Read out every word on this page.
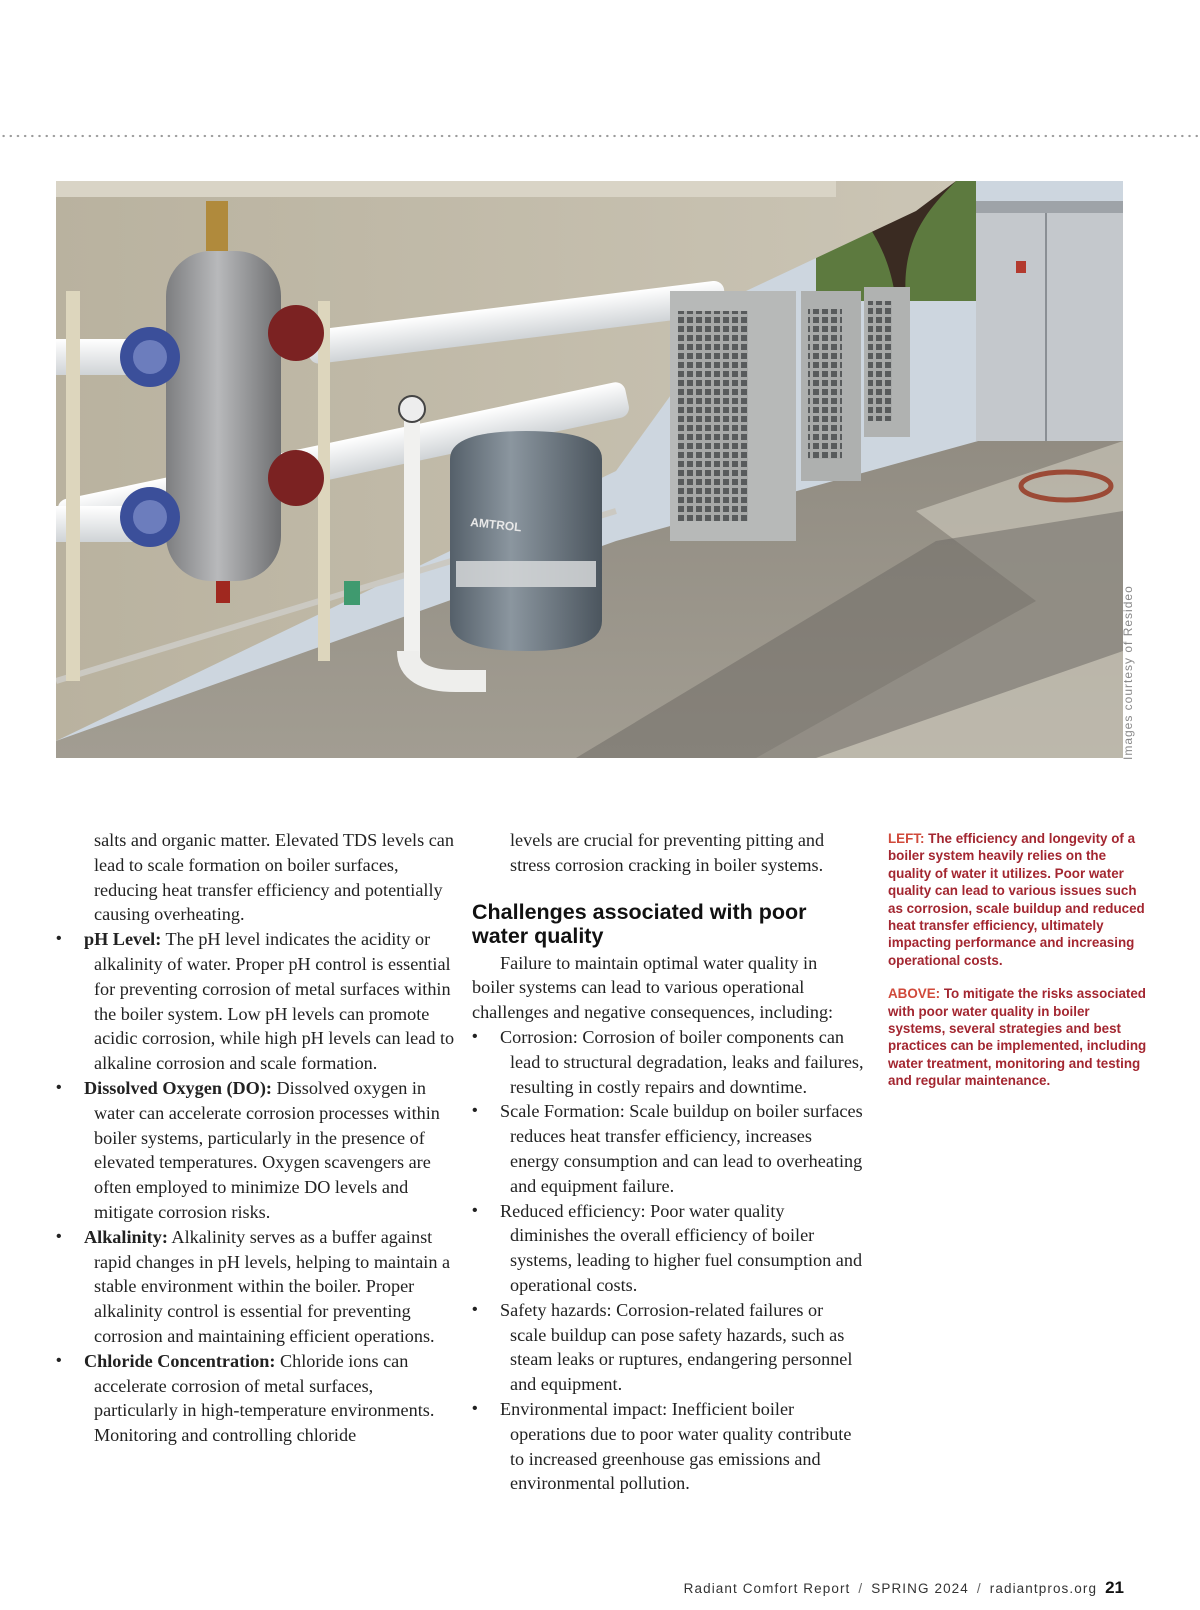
AMTROL
Images courtesy of Resideo

salts and organic matter. Elevated TDS levels can lead to scale formation on boiler surfaces, reducing heat transfer efficiency and potentially causing overheating.

• pH Level: The pH level indicates the acidity or alkalinity of water. Proper pH control is essential for preventing corrosion of metal surfaces within the boiler system. Low pH levels can promote acidic corrosion, while high pH levels can lead to alkaline corrosion and scale formation.
• Dissolved Oxygen (DO): Dissolved oxygen in water can accelerate corrosion processes within boiler systems, particularly in the presence of elevated temperatures. Oxygen scavengers are often employed to minimize DO levels and mitigate corrosion risks.
• Alkalinity: Alkalinity serves as a buffer against rapid changes in pH levels, helping to maintain a stable environment within the boiler. Proper alkalinity control is essential for preventing corrosion and maintaining efficient operations.
• Chloride Concentration: Chloride ions can accelerate corrosion of metal surfaces, particularly in high-temperature environments. Monitoring and controlling chloride

levels are crucial for preventing pitting and stress corrosion cracking in boiler systems.

Challenges associated with poor water quality

Failure to maintain optimal water quality in boiler systems can lead to various operational challenges and negative consequences, including:

• Corrosion: Corrosion of boiler components can lead to structural degradation, leaks and failures, resulting in costly repairs and downtime.
• Scale Formation: Scale buildup on boiler surfaces reduces heat transfer efficiency, increases energy consumption and can lead to overheating and equipment failure.
• Reduced efficiency: Poor water quality diminishes the overall efficiency of boiler systems, leading to higher fuel consumption and operational costs.
• Safety hazards: Corrosion-related failures or scale buildup can pose safety hazards, such as steam leaks or ruptures, endangering personnel and equipment.
• Environmental impact: Inefficient boiler operations due to poor water quality contribute to increased greenhouse gas emissions and environmental pollution.

LEFT: The efficiency and longevity of a boiler system heavily relies on the quality of water it utilizes. Poor water quality can lead to various issues such as corrosion, scale buildup and reduced heat transfer efficiency, ultimately impacting performance and increasing operational costs.

ABOVE: To mitigate the risks associated with poor water quality in boiler systems, several strategies and best practices can be implemented, including water treatment, monitoring and testing and regular maintenance.

Radiant Comfort Report / SPRING 2024 / radiantpros.org 21
